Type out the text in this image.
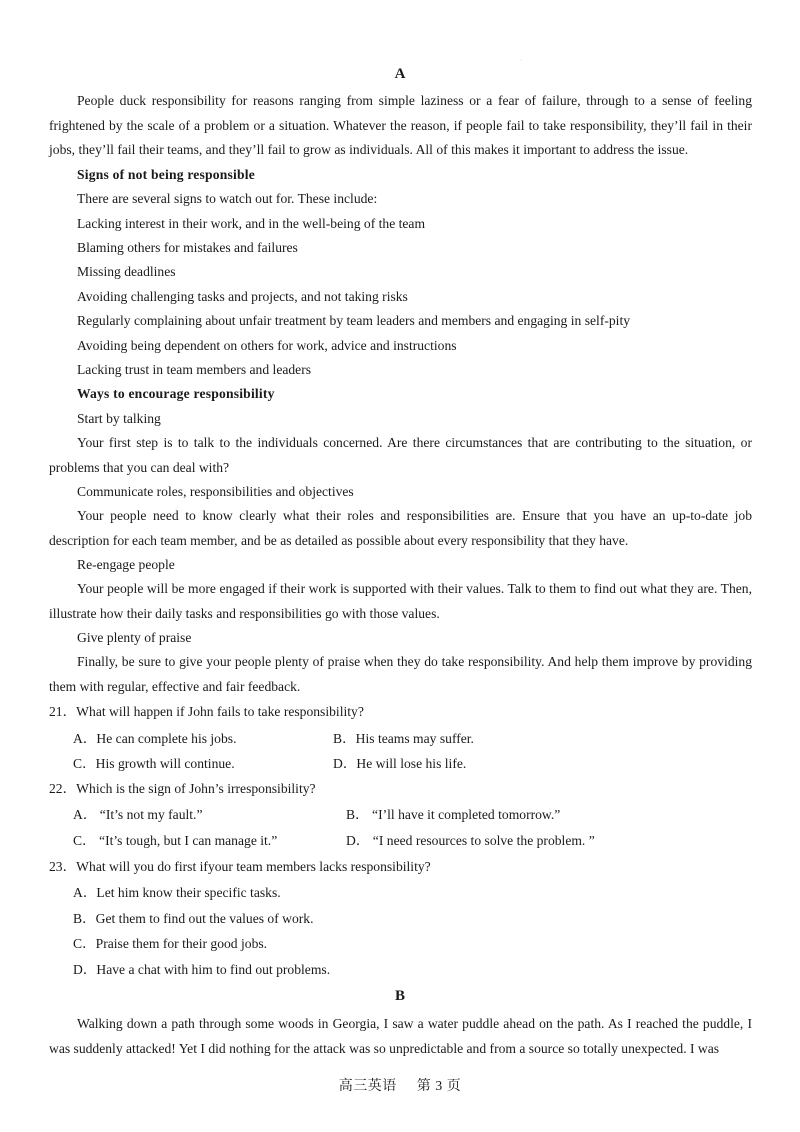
·
A
People duck responsibility for reasons ranging from simple laziness or a fear of failure, through to a sense of feeling frightened by the scale of a problem or a situation. Whatever the reason, if people fail to take responsibility, they’ll fail in their jobs, they’ll fail their teams, and they’ll fail to grow as individuals. All of this makes it important to address the issue.
Signs of not being responsible
There are several signs to watch out for. These include:
Lacking interest in their work, and in the well-being of the team
Blaming others for mistakes and failures
Missing deadlines
Avoiding challenging tasks and projects, and not taking risks
Regularly complaining about unfair treatment by team leaders and members and engaging in self-pity
Avoiding being dependent on others for work, advice and instructions
Lacking trust in team members and leaders
Ways to encourage responsibility
Start by talking
Your first step is to talk to the individuals concerned. Are there circumstances that are contributing to the situation, or problems that you can deal with?
Communicate roles, responsibilities and objectives
Your people need to know clearly what their roles and responsibilities are. Ensure that you have an up-to-date job description for each team member, and be as detailed as possible about every responsibility that they have.
Re-engage people
Your people will be more engaged if their work is supported with their values. Talk to them to find out what they are. Then, illustrate how their daily tasks and responsibilities go with those values.
Give plenty of praise
Finally, be sure to give your people plenty of praise when they do take responsibility. And help them improve by providing them with regular, effective and fair feedback.
21．What will happen if John fails to take responsibility?
A．He can complete his jobs.	B．His teams may suffer.
C．His growth will continue.	D．He will lose his life.
22．Which is the sign of John’s irresponsibility?
A． “It’s not my fault.”	B． “I’ll have it completed tomorrow.”
C． “It’s tough, but I can manage it.”	D． “I need resources to solve the problem. ”
23．What will you do first ifyour team members lacks responsibility?
A．Let him know their specific tasks.
B．Get them to find out the values of work.
C．Praise them for their good jobs.
D．Have a chat with him to find out problems.
B
Walking down a path through some woods in Georgia, I saw a water puddle ahead on the path. As I reached the puddle, I was suddenly attacked! Yet I did nothing for the attack was so unpredictable and from a source so totally unexpected. I was
高三英语 第 3 页
